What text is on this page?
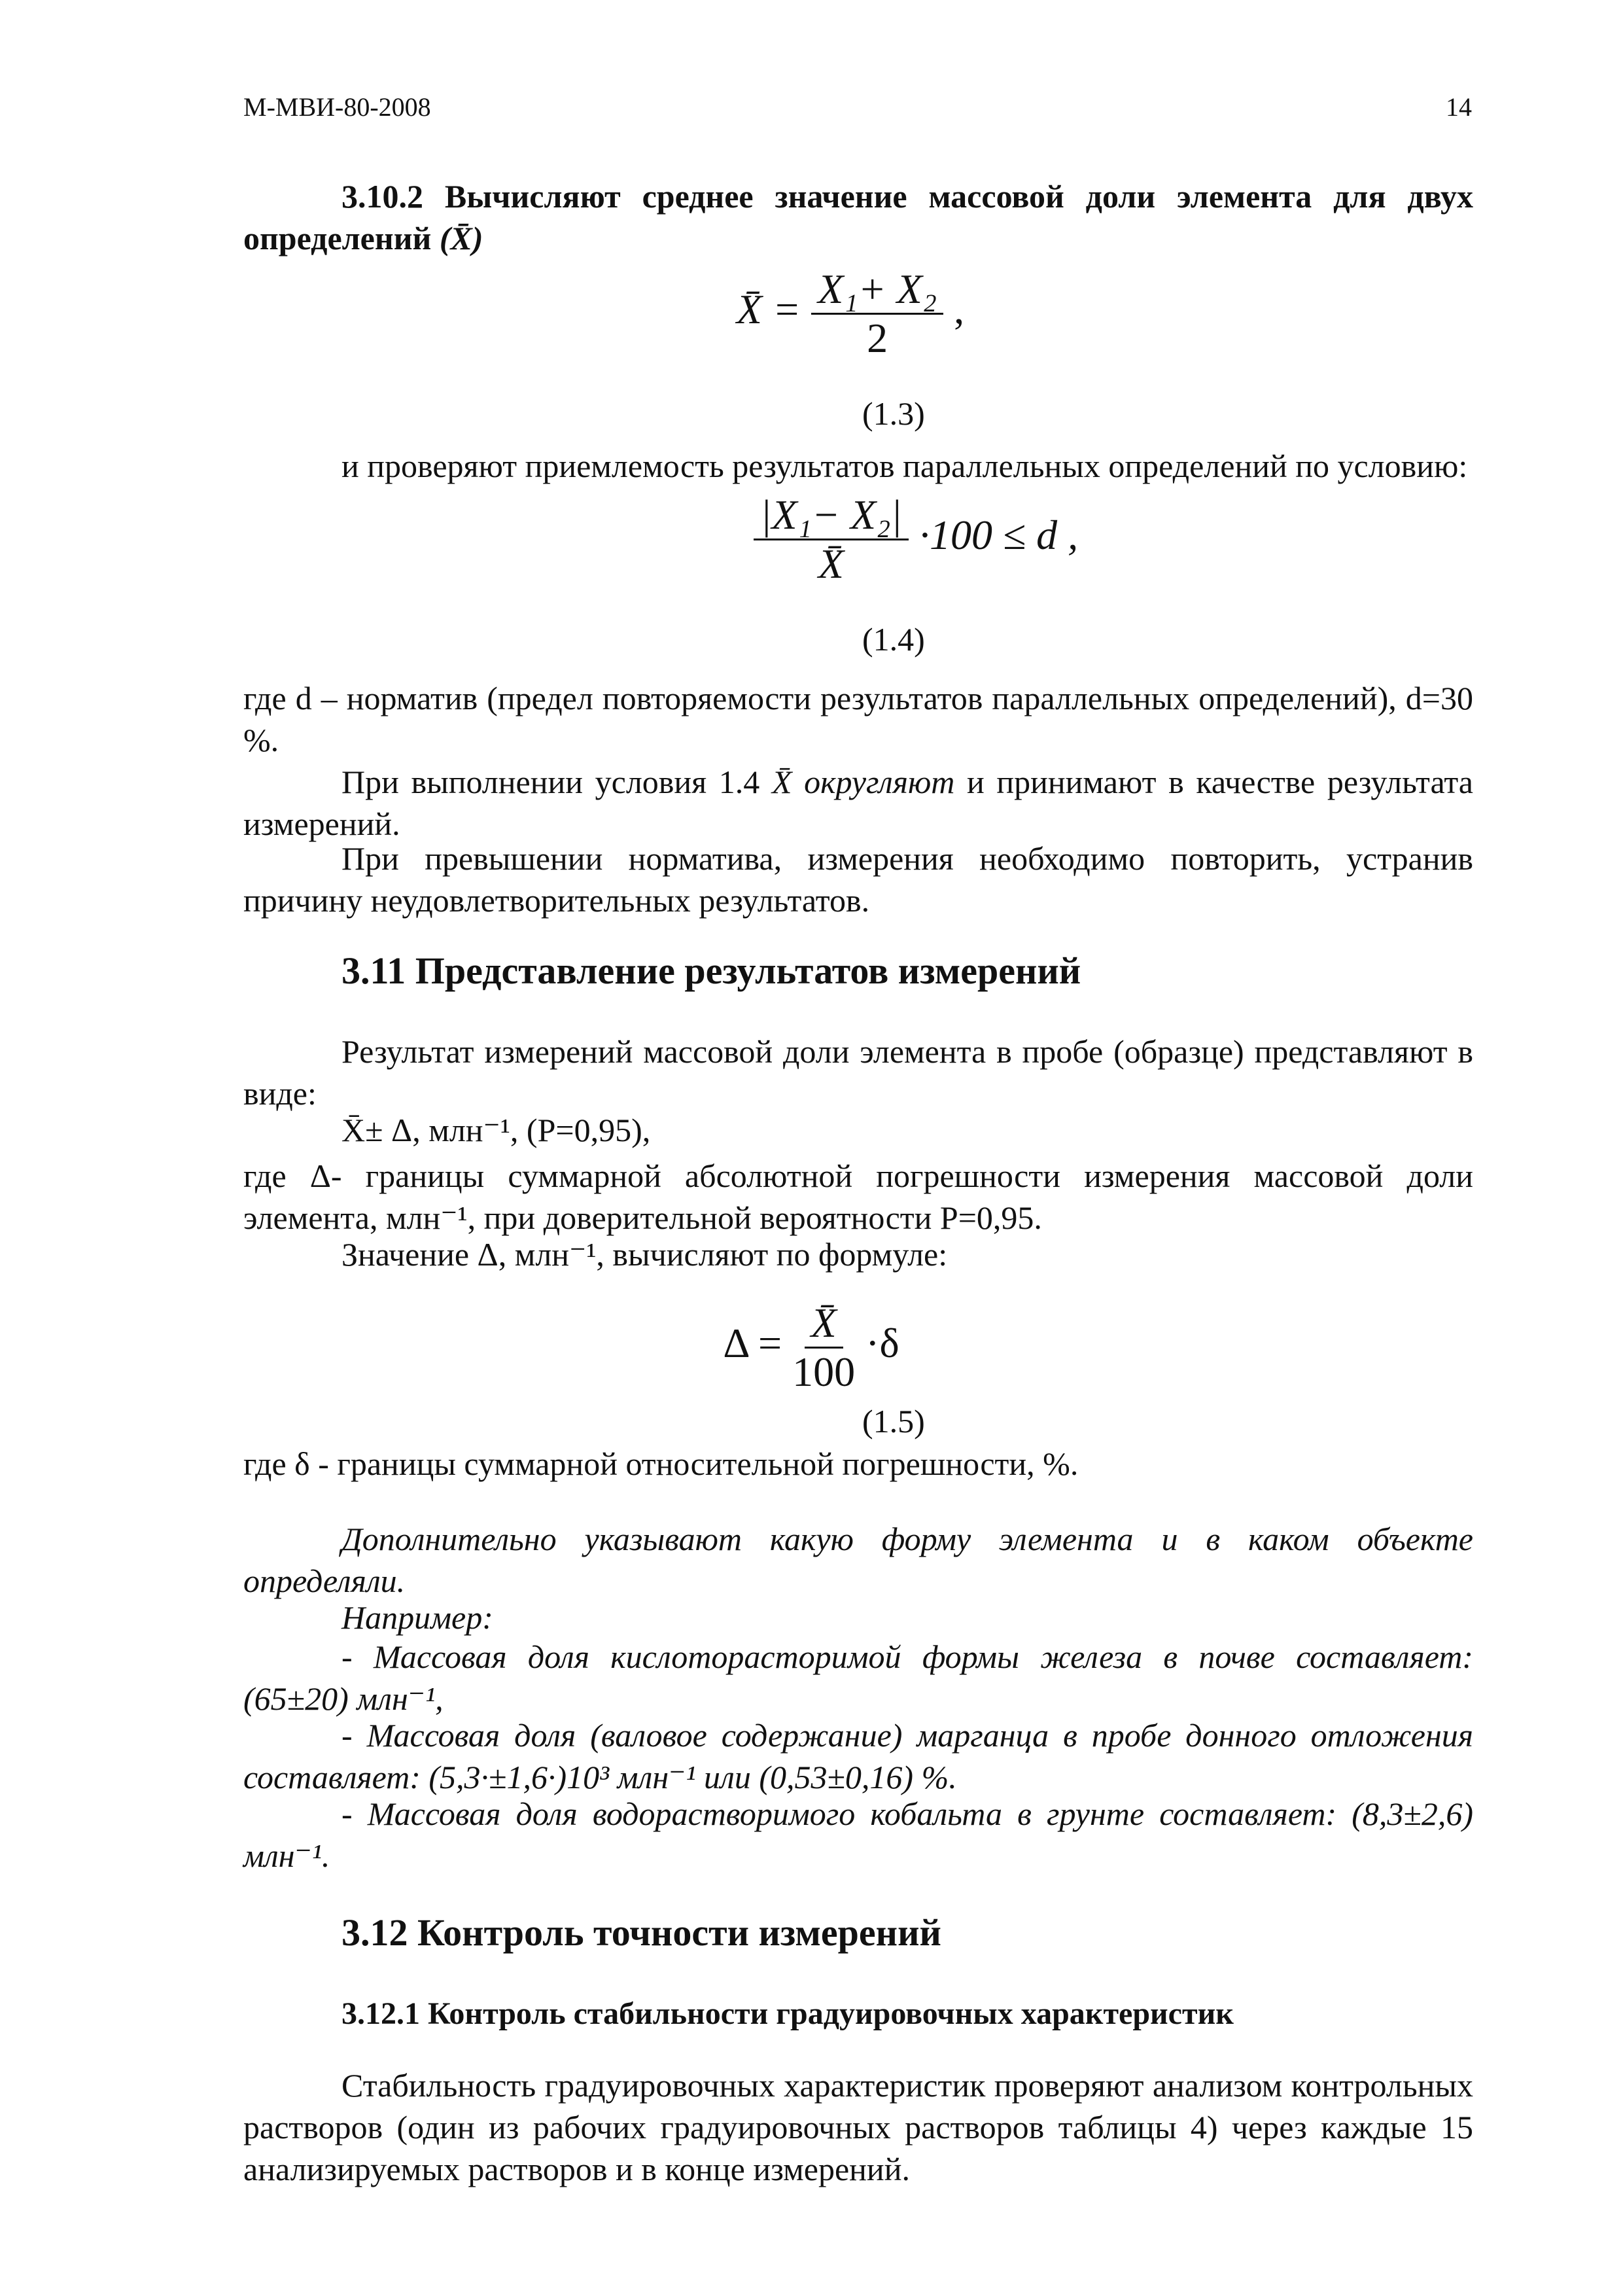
М-МВИ-80-2008	14
3.10.2 Вычисляют среднее значение массовой доли элемента для двух определений (X̄)
X̄ = $\frac{\text{X₁+ X₂}}{2}$ ,
(1.3)
и проверяют приемлемость результатов параллельных определений по условию:
$\frac{\text{|X₁− X₂|}}{X̄} \cdot 100 \le d$ ,
(1.4)
где d – норматив (предел повторяемости результатов параллельных определений), d=30 %.
При выполнении условия 1.4 X̄ округляют и принимают в качестве результата измерений.
При превышении норматива, измерения необходимо повторить, устранив причину неудовлетворительных результатов.
3.11 Представление результатов измерений
Результат измерений массовой доли элемента в пробе (образце) представляют в виде:
X̄± Δ, млн⁻¹, (P=0,95),
где Δ- границы суммарной абсолютной погрешности измерения массовой доли элемента, млн⁻¹, при доверительной вероятности P=0,95.
Значение Δ, млн⁻¹, вычисляют по формуле:
$\Delta = \frac{X̄}{100} \cdot\delta$
(1.5)
где δ - границы суммарной относительной погрешности, %.
Дополнительно указывают какую форму элемента и в каком объекте определяли.
Например:
- Массовая доля кислоторасторимой формы железа в почве составляет: (65±20) млн⁻¹,
- Массовая доля (валовое содержание) марганца в пробе донного отложения составляет: (5,3·±1,6·)10³ млн⁻¹ или (0,53±0,16) %.
- Массовая доля водорастворимого кобальта в грунте составляет: (8,3±2,6) млн⁻¹.
3.12 Контроль точности измерений
3.12.1 Контроль стабильности градуировочных характеристик
Стабильность градуировочных характеристик проверяют анализом контрольных растворов (один из рабочих градуировочных растворов таблицы 4) через каждые 15 анализируемых растворов и в конце измерений.
